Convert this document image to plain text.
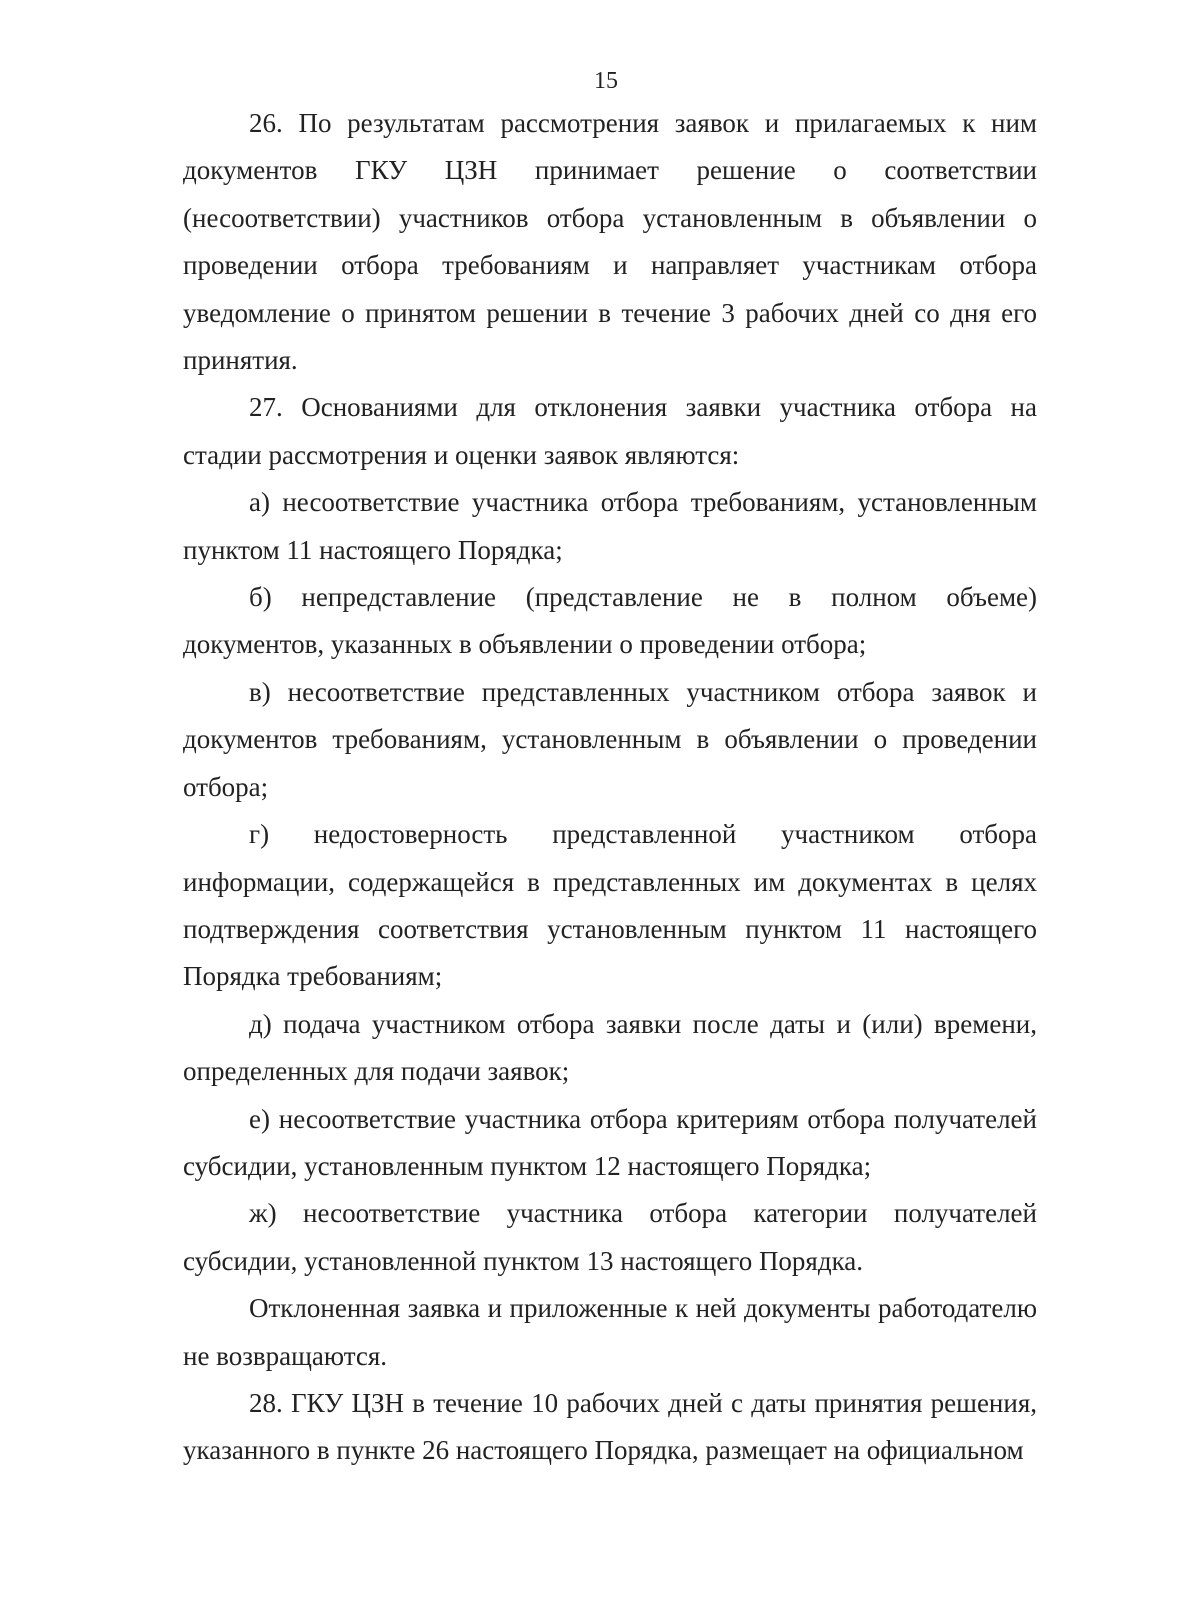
15

26. По результатам рассмотрения заявок и прилагаемых к ним документов ГКУ ЦЗН принимает решение о соответствии (несоответствии) участников отбора установленным в объявлении о проведении отбора требованиям и направляет участникам отбора уведомление о принятом решении в течение 3 рабочих дней со дня его принятия.

27. Основаниями для отклонения заявки участника отбора на стадии рассмотрения и оценки заявок являются:

а) несоответствие участника отбора требованиям, установленным пунктом 11 настоящего Порядка;

б) непредставление (представление не в полном объеме) документов, указанных в объявлении о проведении отбора;

в) несоответствие представленных участником отбора заявок и документов требованиям, установленным в объявлении о проведении отбора;

г) недостоверность представленной участником отбора информации, содержащейся в представленных им документах в целях подтверждения соответствия установленным пунктом 11 настоящего Порядка требованиям;

д) подача участником отбора заявки после даты и (или) времени, определенных для подачи заявок;

е) несоответствие участника отбора критериям отбора получателей субсидии, установленным пунктом 12 настоящего Порядка;

ж) несоответствие участника отбора категории получателей субсидии, установленной пунктом 13 настоящего Порядка.

Отклоненная заявка и приложенные к ней документы работодателю не возвращаются.

28. ГКУ ЦЗН в течение 10 рабочих дней с даты принятия решения, указанного в пункте 26 настоящего Порядка, размещает на официальном
